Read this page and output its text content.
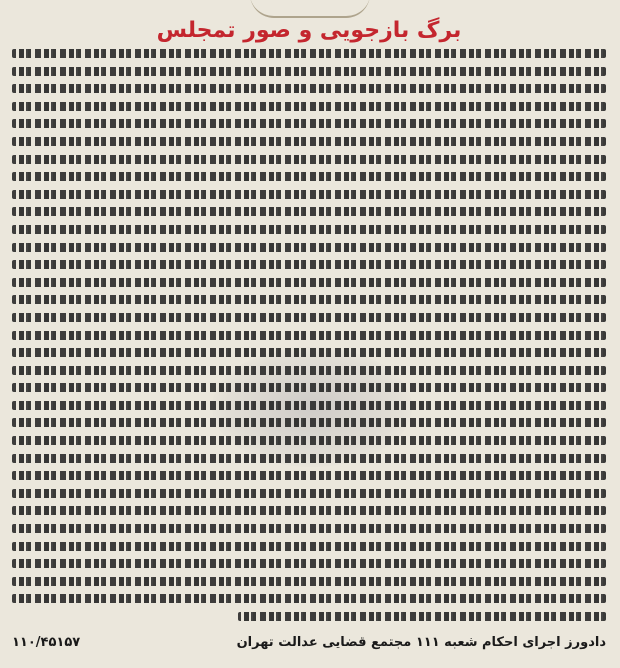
برگ بازجویی و صور تمجلس
دادورز اجرای احکام شعبه ۱۱۱ مجتمع قضایی عدالت تهران
۱۱۰/۴۵۱۵۷
